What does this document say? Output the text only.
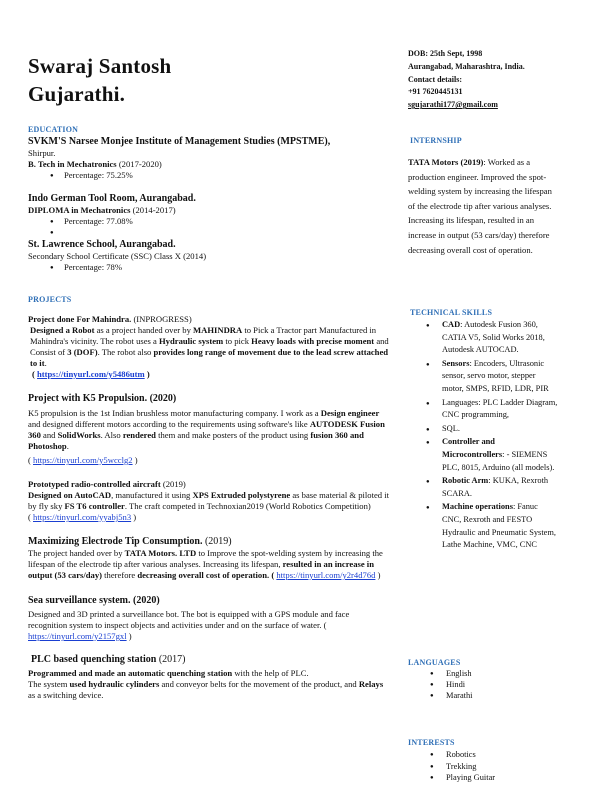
Swaraj Santosh
Gujarathi.
DOB: 25th Sept, 1998
Aurangabad, Maharashtra, India.
Contact details:
+91 7620445131
sgujarathi177@gmail.com
EDUCATION
SVKM'S Narsee Monjee Institute of Management Studies (MPSTME),
Shirpur.
B. Tech in Mechatronics (2017-2020)
● Percentage: 75.25%
Indo German Tool Room, Aurangabad.
DIPLOMA in Mechatronics (2014-2017)
● Percentage: 77.08%
●
St. Lawrence School, Aurangabad.
Secondary School Certificate (SSC) Class X (2014)
● Percentage: 78%
PROJECTS
Project done For Mahindra. (INPROGRESS)
Designed a Robot as a project handed over by MAHINDRA to Pick a Tractor part Manufactured in Mahindra's vicinity. The robot uses a Hydraulic system to pick Heavy loads with precise moment and Consist of 3 (DOF). The robot also provides long range of movement due to the lead screw attached to it.
( https://tinyurl.com/y5486utm )
Project with K5 Propulsion. (2020)
K5 propulsion is the 1st Indian brushless motor manufacturing company. I work as a Design engineer and designed different motors according to the requirements using software's like AUTODESK Fusion 360 and SolidWorks. Also rendered them and make posters of the product using fusion 360 and Photoshop.
( https://tinyurl.com/y5wcclg2 )
Prototyped radio-controlled aircraft (2019)
Designed on AutoCAD, manufactured it using XPS Extruded polystyrene as base material & piloted it by fly sky FS T6 controller. The craft competed in Technoxian2019 (World Robotics Competition)
( https://tinyurl.com/yyabj5n3 )
Maximizing Electrode Tip Consumption. (2019)
The project handed over by TATA Motors. LTD to Improve the spot-welding system by increasing the lifespan of the electrode tip after various analyses. Increasing its lifespan, resulted in an increase in output (53 cars/day) therefore decreasing overall cost of operation. ( https://tinyurl.com/y2r4d76d )
Sea surveillance system. (2020)
Designed and 3D printed a surveillance bot. The bot is equipped with a GPS module and face recognition system to inspect objects and activities under and on the surface of water. ( https://tinyurl.com/y2157gxl )
PLC based quenching station (2017)
Programmed and made an automatic quenching station with the help of PLC.
The system used hydraulic cylinders and conveyor belts for the movement of the product, and Relays as a switching device.
INTERNSHIP
TATA Motors (2019): Worked as a production engineer. Improved the spot-welding system by increasing the lifespan of the electrode tip after various analyses. Increasing its lifespan, resulted in an increase in output (53 cars/day) therefore decreasing overall cost of operation.
TECHNICAL SKILLS
● CAD: Autodesk Fusion 360, CATIA V5, Solid Works 2018, Autodesk AUTOCAD.
● Sensors: Encoders, Ultrasonic sensor, servo motor, stepper motor, SMPS, RFID, LDR, PIR
● Languages: PLC Ladder Diagram, CNC programming,
● SQL.
● Controller and Microcontrollers: - SIEMENS PLC, 8015, Arduino (all models).
● Robotic Arm: KUKA, Rexroth SCARA.
● Machine operations: Fanuc CNC, Rexroth and FESTO Hydraulic and Pneumatic System, Lathe Machine, VMC, CNC
LANGUAGES
● English
● Hindi
● Marathi
INTERESTS
● Robotics
● Trekking
● Playing Guitar
